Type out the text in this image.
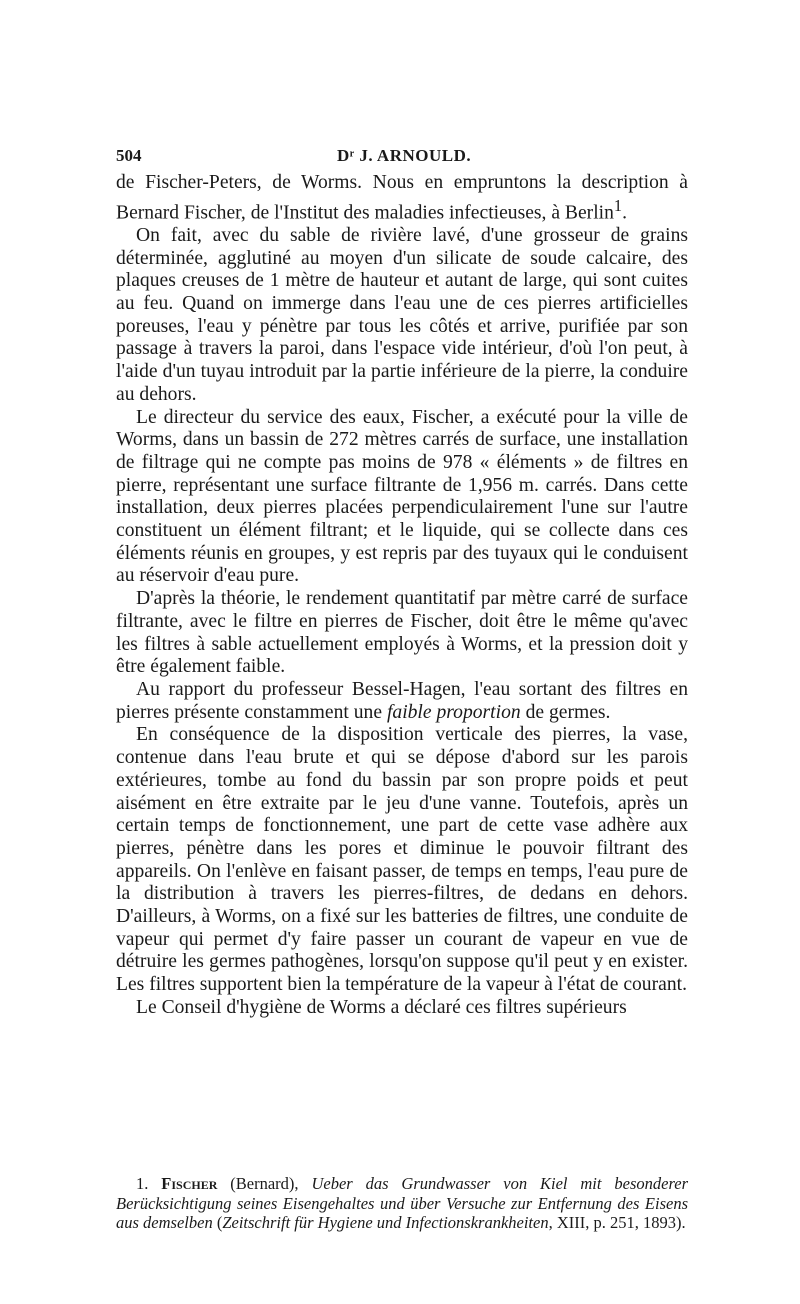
504	Dʳ J. ARNOULD.

de Fischer-Peters, de Worms. Nous en empruntons la description à Bernard Fischer, de l'Institut des maladies infectieuses, à Berlin$^1$.

On fait, avec du sable de rivière lavé, d'une grosseur de grains déterminée, agglutiné au moyen d'un silicate de soude calcaire, des plaques creuses de 1 mètre de hauteur et autant de large, qui sont cuites au feu. Quand on immerge dans l'eau une de ces pierres artificielles poreuses, l'eau y pénètre par tous les côtés et arrive, purifiée par son passage à travers la paroi, dans l'espace vide intérieur, d'où l'on peut, à l'aide d'un tuyau introduit par la partie inférieure de la pierre, la conduire au dehors.

Le directeur du service des eaux, Fischer, a exécuté pour la ville de Worms, dans un bassin de 272 mètres carrés de surface, une installation de filtrage qui ne compte pas moins de 978 « éléments » de filtres en pierre, représentant une surface filtrante de 1,956 m. carrés. Dans cette installation, deux pierres placées perpendiculairement l'une sur l'autre constituent un élément filtrant; et le liquide, qui se collecte dans ces éléments réunis en groupes, y est repris par des tuyaux qui le conduisent au réservoir d'eau pure.

D'après la théorie, le rendement quantitatif par mètre carré de surface filtrante, avec le filtre en pierres de Fischer, doit être le même qu'avec les filtres à sable actuellement employés à Worms, et la pression doit y être également faible.

Au rapport du professeur Bessel-Hagen, l'eau sortant des filtres en pierres présente constamment une faible proportion de germes.

En conséquence de la disposition verticale des pierres, la vase, contenue dans l'eau brute et qui se dépose d'abord sur les parois extérieures, tombe au fond du bassin par son propre poids et peut aisément en être extraite par le jeu d'une vanne. Toutefois, après un certain temps de fonctionnement, une part de cette vase adhère aux pierres, pénètre dans les pores et diminue le pouvoir filtrant des appareils. On l'enlève en faisant passer, de temps en temps, l'eau pure de la distribution à travers les pierres-filtres, de dedans en dehors. D'ailleurs, à Worms, on a fixé sur les batteries de filtres, une conduite de vapeur qui permet d'y faire passer un courant de vapeur en vue de détruire les germes pathogènes, lorsqu'on suppose qu'il peut y en exister. Les filtres supportent bien la température de la vapeur à l'état de courant.

Le Conseil d'hygiène de Worms a déclaré ces filtres supérieurs

1. Fischer (Bernard), Ueber das Grundwasser von Kiel mit besonderer Berücksichtigung seines Eisengehaltes und über Versuche zur Entfernung des Eisens aus demselben (Zeitschrift für Hygiene und Infectionskrankheiten, XIII, p. 251, 1893).
